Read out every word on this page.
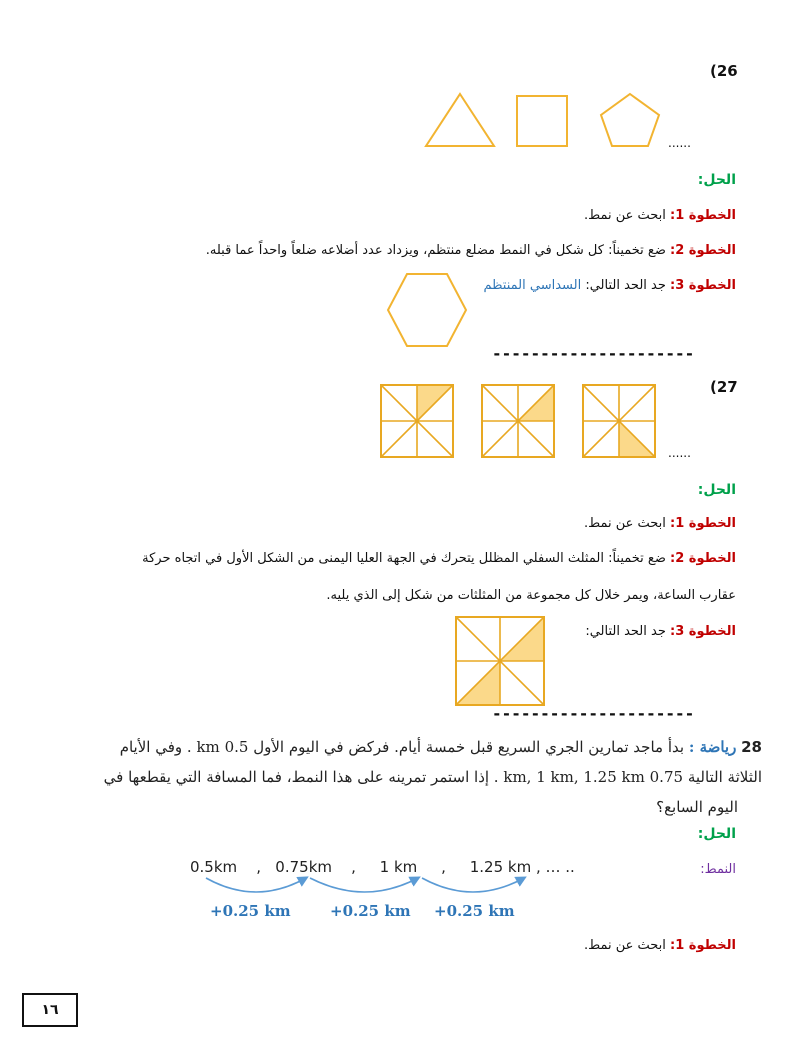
(26
......
الحل:
الخطوة 1: ابحث عن نمط.
الخطوة 2: ضع تخميناً: كل شكل في النمط مضلع منتظم، ويزداد عدد أضلاعه ضلعاً واحداً عما قبله.
الخطوة 3: جد الحد التالي: السداسي المنتظم
---------------------
(27
......
الحل:
الخطوة 1: ابحث عن نمط.
الخطوة 2: ضع تخميناً: المثلث السفلي المظلل يتحرك في الجهة العليا اليمنى من الشكل الأول في اتجاه حركة
عقارب الساعة، ويمر خلال كل مجموعة من المثلثات من شكل إلى الذي يليه.
الخطوة 3: جد الحد التالي:
---------------------
28 رياضة : بدأ ماجد تمارين الجري السريع قبل خمسة أيام. فركض في اليوم الأول 0.5 km . وفي الأيام
الثلاثة التالية 0.75 km, 1 km, 1.25 km . إذا استمر تمرينه على هذا النمط، فما المسافة التي يقطعها في
اليوم السابع؟
الحل:
النمط:
0.5km    ,   0.75km    ,     1 km     ,     1.25 km , … ..
+0.25 km	+0.25 km +0.25 km
الخطوة 1: ابحث عن نمط.
١٦
